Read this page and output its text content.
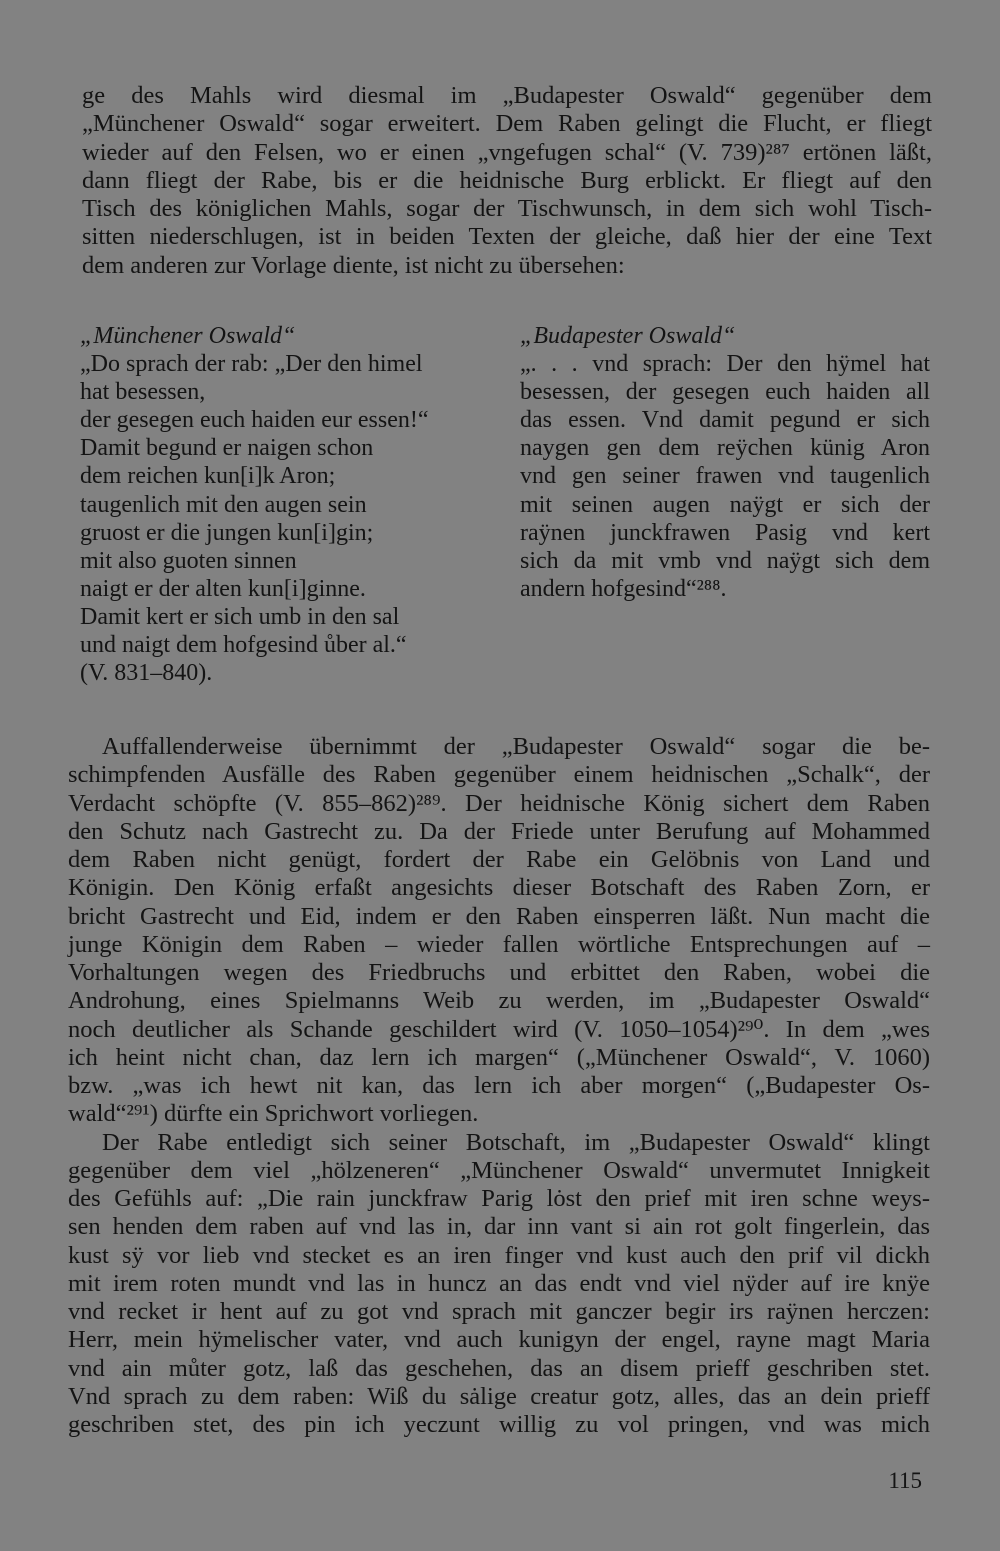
ge des Mahls wird diesmal im „Budapester Oswald“ gegenüber dem
„Münchener Oswald“ sogar erweitert. Dem Raben gelingt die Flucht, er fliegt
wieder auf den Felsen, wo er einen „vngefugen schal“ (V. 739)²⁸⁷ ertönen läßt,
dann fliegt der Rabe, bis er die heidnische Burg erblickt. Er fliegt auf den
Tisch des königlichen Mahls, sogar der Tischwunsch, in dem sich wohl Tisch-
sitten niederschlugen, ist in beiden Texten der gleiche, daß hier der eine Text
dem anderen zur Vorlage diente, ist nicht zu übersehen:
„Münchener Oswald“
„Do sprach der rab: „Der den himel
hat besessen,
der gesegen euch haiden eur essen!“
Damit begund er naigen schon
dem reichen kun[i]k Aron;
taugenlich mit den augen sein
gruost er die jungen kun[i]gin;
mit also guoten sinnen
naigt er der alten kun[i]ginne.
Damit kert er sich umb in den sal
und naigt dem hofgesind ůber al.“
(V. 831–840).
„Budapester Oswald“
„. . . vnd sprach: Der den hÿmel hat
besessen, der gesegen euch haiden all
das essen. Vnd damit pegund er sich
naygen gen dem reÿchen künig Aron
vnd gen seiner frawen vnd taugenlich
mit seinen augen naÿgt er sich der
raÿnen junckfrawen Pasig vnd kert
sich da mit vmb vnd naÿgt sich dem
andern hofgesind“²⁸⁸.
Auffallenderweise übernimmt der „Budapester Oswald“ sogar die be-
schimpfenden Ausfälle des Raben gegenüber einem heidnischen „Schalk“, der
Verdacht schöpfte (V. 855–862)²⁸⁹. Der heidnische König sichert dem Raben
den Schutz nach Gastrecht zu. Da der Friede unter Berufung auf Mohammed
dem Raben nicht genügt, fordert der Rabe ein Gelöbnis von Land und
Königin. Den König erfaßt angesichts dieser Botschaft des Raben Zorn, er
bricht Gastrecht und Eid, indem er den Raben einsperren läßt. Nun macht die
junge Königin dem Raben – wieder fallen wörtliche Entsprechungen auf –
Vorhaltungen wegen des Friedbruchs und erbittet den Raben, wobei die
Androhung, eines Spielmanns Weib zu werden, im „Budapester Oswald“
noch deutlicher als Schande geschildert wird (V. 1050–1054)²⁹⁰. In dem „wes
ich heint nicht chan, daz lern ich margen“ („Münchener Oswald“, V. 1060)
bzw. „was ich hewt nit kan, das lern ich aber morgen“ („Budapester Os-
wald“²⁹¹) dürfte ein Sprichwort vorliegen.
Der Rabe entledigt sich seiner Botschaft, im „Budapester Oswald“ klingt
gegenüber dem viel „hölzeneren“ „Münchener Oswald“ unvermutet Innigkeit
des Gefühls auf: „Die rain junckfraw Parig lȯst den prief mit iren schne weys-
sen henden dem raben auf vnd las in, dar inn vant si ain rot golt fingerlein, das
kust sÿ vor lieb vnd stecket es an iren finger vnd kust auch den prif vil dickh
mit irem roten mundt vnd las in huncz an das endt vnd viel nÿder auf ire knÿe
vnd recket ir hent auf zu got vnd sprach mit ganczer begir irs raÿnen herczen:
Herr, mein hÿmelischer vater, vnd auch kunigyn der engel, rayne magt Maria
vnd ain můter gotz, laß das geschehen, das an disem prieff geschriben stet.
Vnd sprach zu dem raben: Wiß du sȧlige creatur gotz, alles, das an dein prieff
geschriben stet, des pin ich yeczunt willig zu vol pringen, vnd was mich
115
